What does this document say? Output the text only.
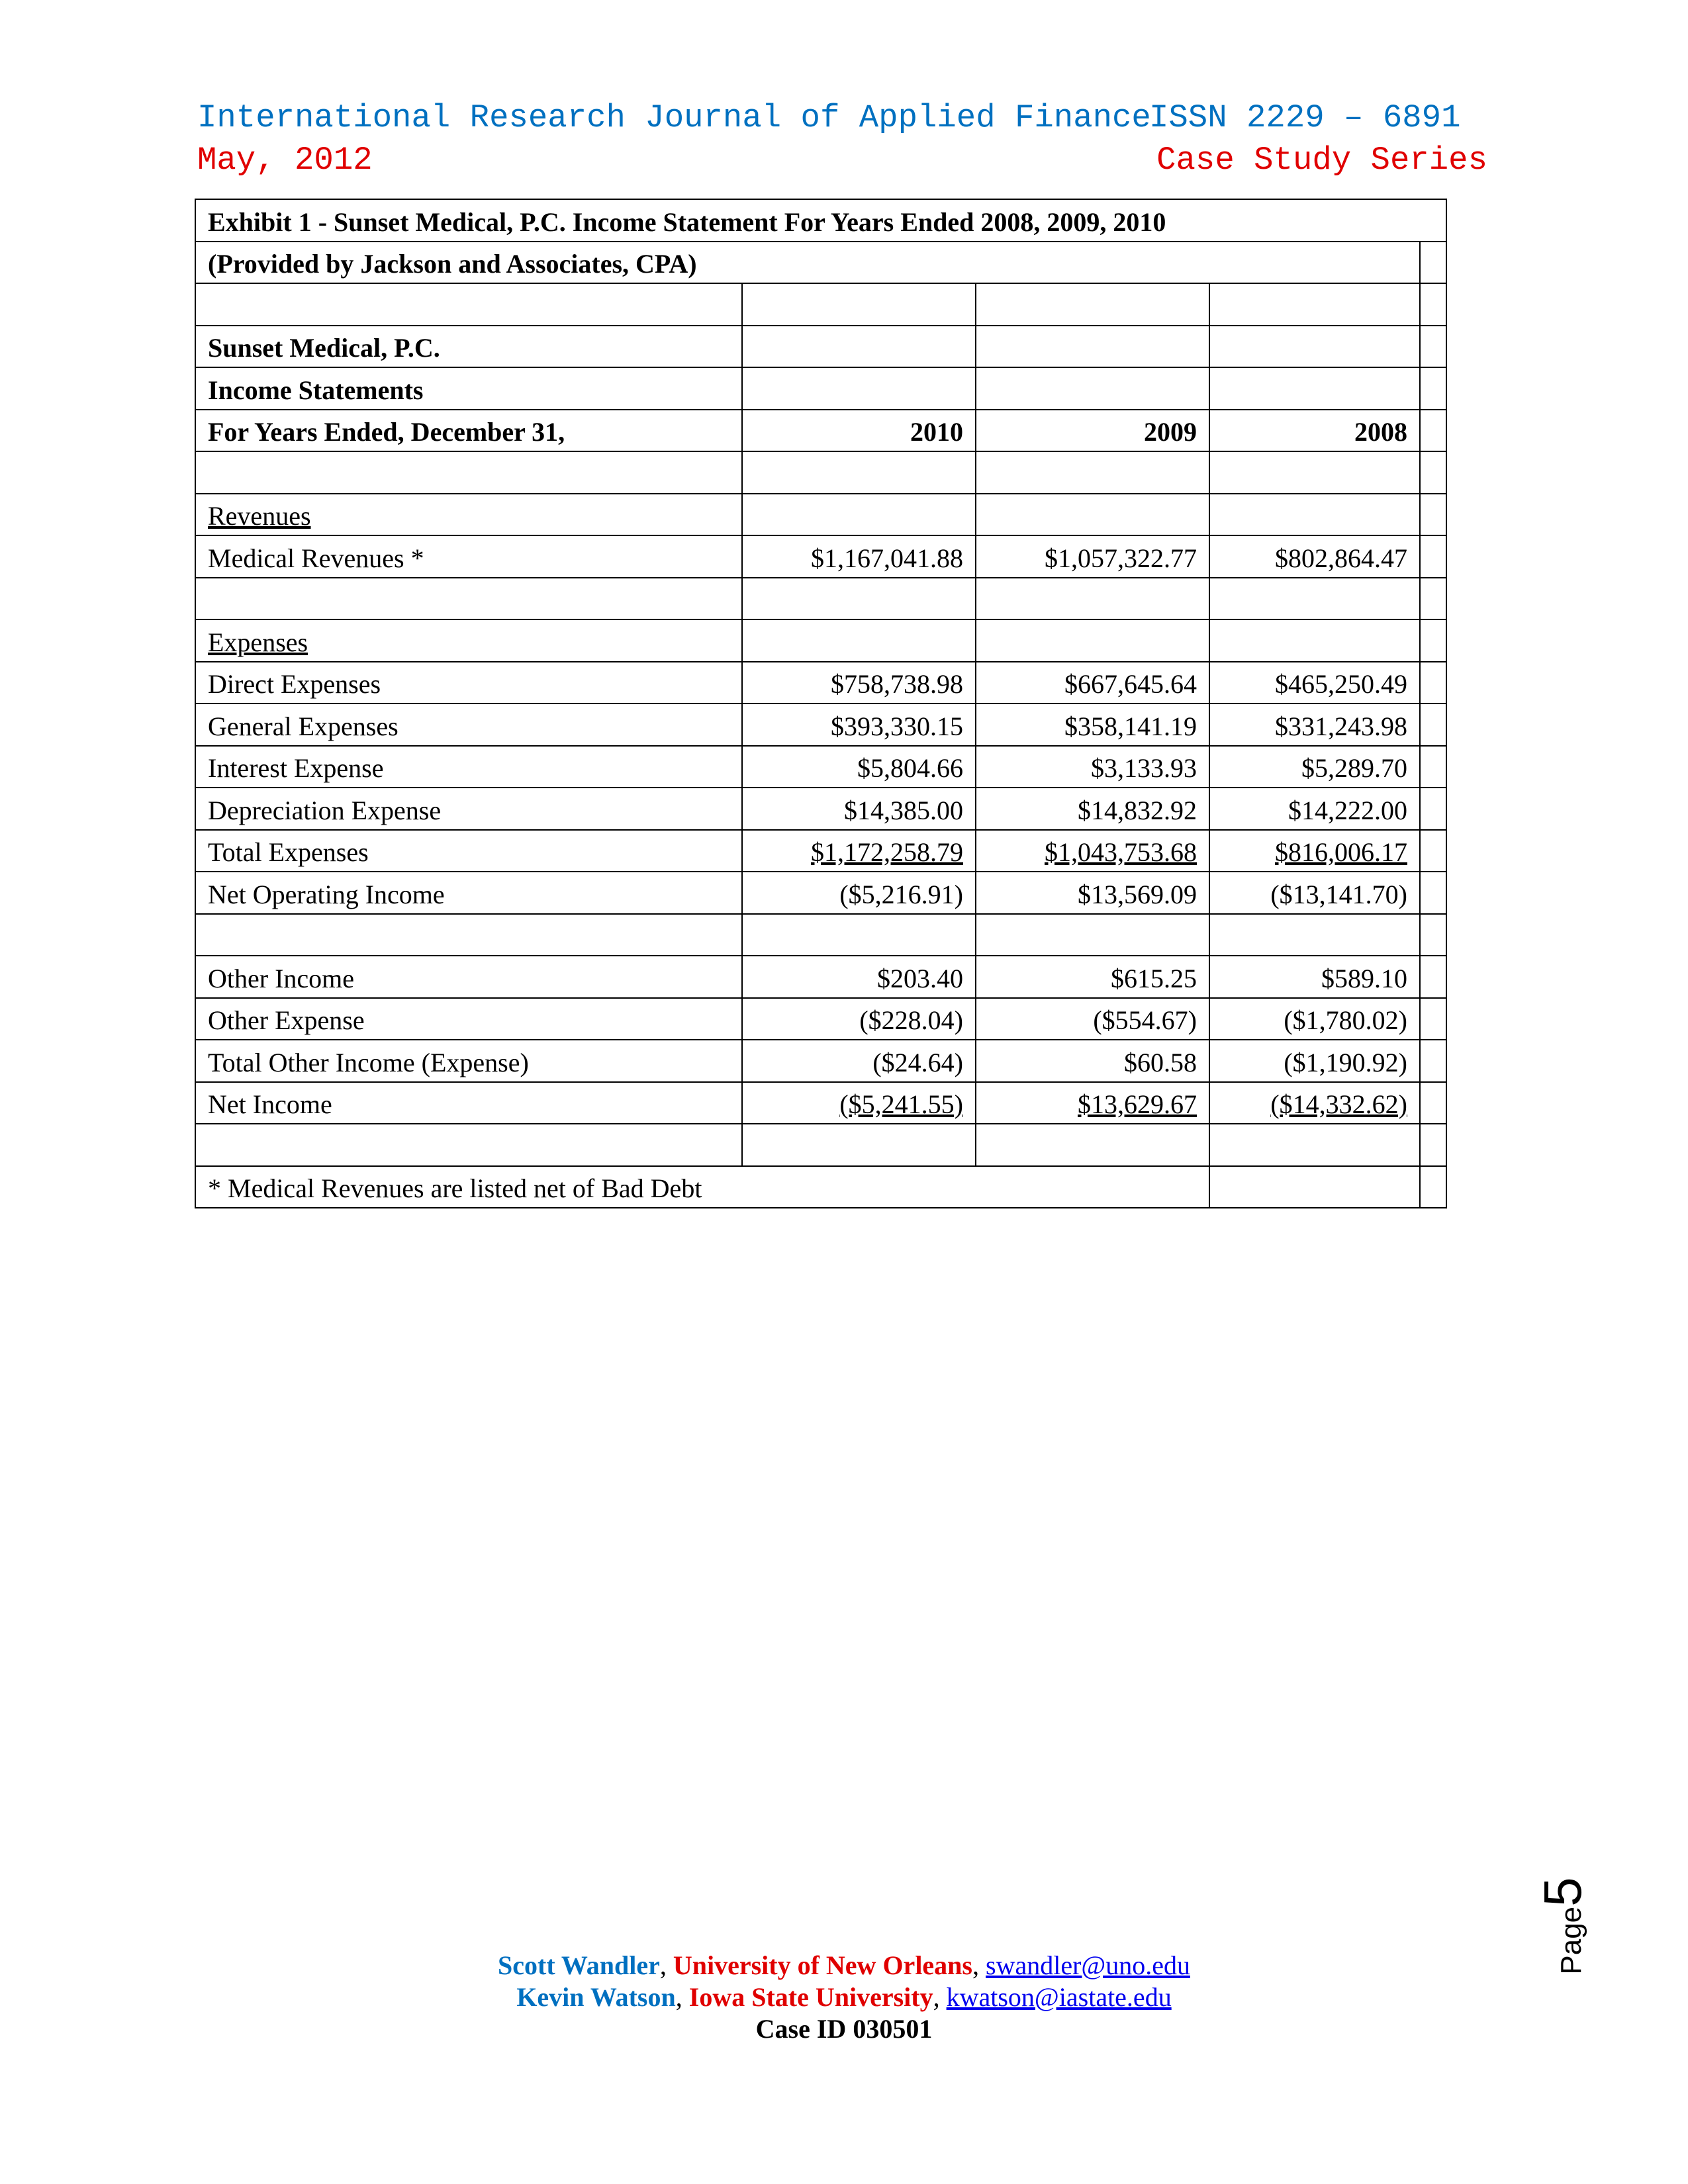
International Research Journal of Applied Finance
ISSN 2229 – 6891
May, 2012	Case Study Series
Exhibit 1 - Sunset Medical, P.C. Income Statement For Years Ended 2008, 2009, 2010				
(Provided by Jackson and Associates, CPA)				

Sunset Medical, P.C.				
Income Statements				
For Years Ended, December 31,	2010	2009	2008	

Revenues				
Medical Revenues *	$1,167,041.88	$1,057,322.77	$802,864.47	

Expenses				
Direct Expenses	$758,738.98	$667,645.64	$465,250.49	
General Expenses	$393,330.15	$358,141.19	$331,243.98	
Interest Expense	$5,804.66	$3,133.93	$5,289.70	
Depreciation Expense	$14,385.00	$14,832.92	$14,222.00	
Total Expenses	$1,172,258.79	$1,043,753.68	$816,006.17	
Net Operating Income	($5,216.91)	$13,569.09	($13,141.70)	

Other Income	$203.40	$615.25	$589.10	
Other Expense	($228.04)	($554.67)	($1,780.02)	
Total Other Income (Expense)	($24.64)	$60.58	($1,190.92)	
Net Income	($5,241.55)	$13,629.67	($14,332.62)	

* Medical Revenues are listed net of Bad Debt				
Scott Wandler, University of New Orleans, swandler@uno.edu
Kevin Watson, Iowa State University, kwatson@iastate.edu
Case ID 030501
Page
5
